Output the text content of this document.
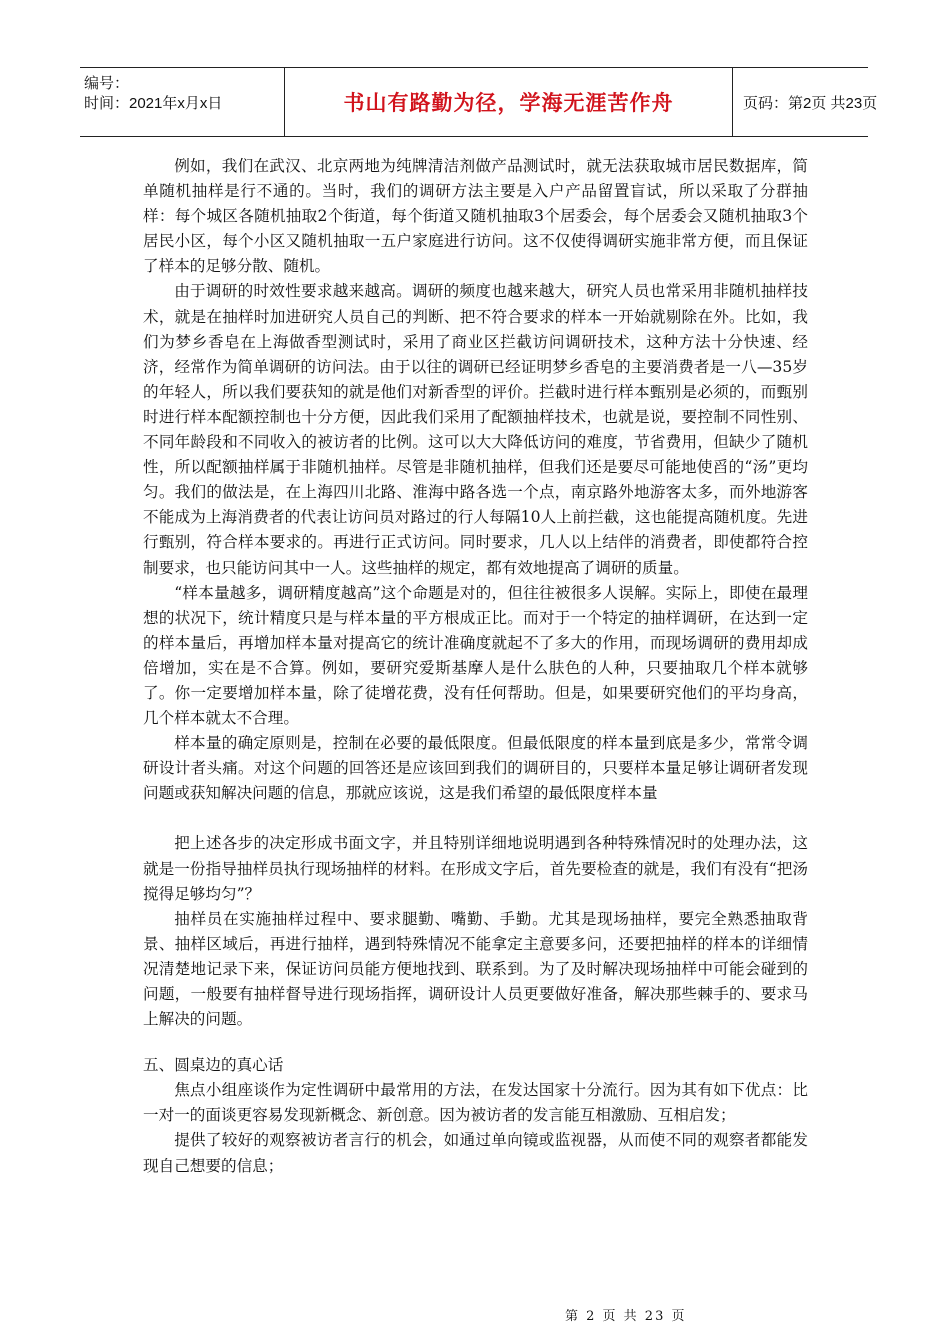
编号：
时间：2021年x月x日	书山有路勤为径，学海无涯苦作舟	页码：第2页 共23页

例如，我们在武汉、北京两地为纯牌清洁剂做产品测试时，就无法获取城市居民数据库，简单随机抽样是行不通的。当时，我们的调研方法主要是入户产品留置盲试，所以采取了分群抽样：每个城区各随机抽取2个街道，每个街道又随机抽取3个居委会，每个居委会又随机抽取3个居民小区，每个小区又随机抽取一五户家庭进行访问。这不仅使得调研实施非常方便，而且保证了样本的足够分散、随机。

由于调研的时效性要求越来越高。调研的频度也越来越大，研究人员也常采用非随机抽样技术，就是在抽样时加进研究人员自己的判断、把不符合要求的样本一开始就剔除在外。比如，我们为梦乡香皂在上海做香型测试时，采用了商业区拦截访问调研技术，这种方法十分快速、经济，经常作为简单调研的访问法。由于以往的调研已经证明梦乡香皂的主要消费者是一八—35岁的年轻人，所以我们要获知的就是他们对新香型的评价。拦截时进行样本甄别是必须的，而甄别时进行样本配额控制也十分方便，因此我们采用了配额抽样技术，也就是说，要控制不同性别、不同年龄段和不同收入的被访者的比例。这可以大大降低访问的难度，节省费用，但缺少了随机性，所以配额抽样属于非随机抽样。尽管是非随机抽样，但我们还是要尽可能地使舀的“汤”更均匀。我们的做法是，在上海四川北路、淮海中路各选一个点，南京路外地游客太多，而外地游客不能成为上海消费者的代表让访问员对路过的行人每隔10人上前拦截，这也能提高随机度。先进行甄别，符合样本要求的。再进行正式访问。同时要求，几人以上结伴的消费者，即使都符合控制要求，也只能访问其中一人。这些抽样的规定，都有效地提高了调研的质量。

“样本量越多，调研精度越高”这个命题是对的，但往往被很多人误解。实际上，即使在最理想的状况下，统计精度只是与样本量的平方根成正比。而对于一个特定的抽样调研，在达到一定的样本量后，再增加样本量对提高它的统计准确度就起不了多大的作用，而现场调研的费用却成倍增加，实在是不合算。例如，要研究爱斯基摩人是什么肤色的人种，只要抽取几个样本就够了。你一定要增加样本量，除了徒增花费，没有任何帮助。但是，如果要研究他们的平均身高，几个样本就太不合理。

样本量的确定原则是，控制在必要的最低限度。但最低限度的样本量到底是多少，常常令调研设计者头痛。对这个问题的回答还是应该回到我们的调研目的，只要样本量足够让调研者发现问题或获知解决问题的信息，那就应该说，这是我们希望的最低限度样本量

把上述各步的决定形成书面文字，并且特别详细地说明遇到各种特殊情况时的处理办法，这就是一份指导抽样员执行现场抽样的材料。在形成文字后，首先要检查的就是，我们有没有“把汤搅得足够均匀”？

抽样员在实施抽样过程中、要求腿勤、嘴勤、手勤。尤其是现场抽样，要完全熟悉抽取背景、抽样区域后，再进行抽样，遇到特殊情况不能拿定主意要多问，还要把抽样的样本的详细情况清楚地记录下来，保证访问员能方便地找到、联系到。为了及时解决现场抽样中可能会碰到的问题，一般要有抽样督导进行现场指挥，调研设计人员更要做好准备，解决那些棘手的、要求马上解决的问题。

五、圆桌边的真心话

焦点小组座谈作为定性调研中最常用的方法，在发达国家十分流行。因为其有如下优点：比一对一的面谈更容易发现新概念、新创意。因为被访者的发言能互相激励、互相启发；

提供了较好的观察被访者言行的机会，如通过单向镜或监视器，从而使不同的观察者都能发现自己想要的信息；

第 2 页 共 23 页
